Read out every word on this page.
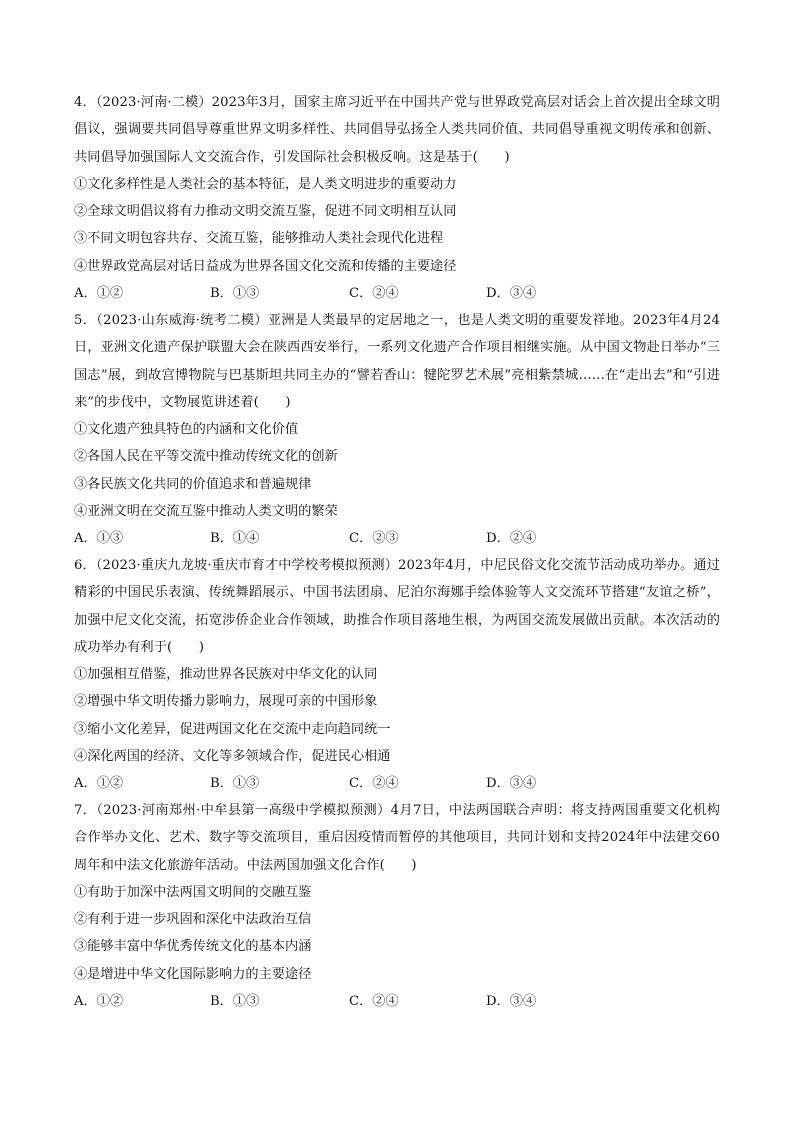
4．（2023·河南·二模）2023年3月，国家主席习近平在中国共产党与世界政党高层对话会上首次提出全球文明倡议，强调要共同倡导尊重世界文明多样性、共同倡导弘扬全人类共同价值、共同倡导重视文明传承和创新、共同倡导加强国际人文交流合作，引发国际社会积极反响。这是基于(　　)

①文化多样性是人类社会的基本特征，是人类文明进步的重要动力

②全球文明倡议将有力推动文明交流互鉴，促进不同文明相互认同

③不同文明包容共存、交流互鉴，能够推动人类社会现代化进程

④世界政党高层对话日益成为世界各国文化交流和传播的主要途径

A．①②	B．①③	C．②④	D．③④

5．（2023·山东威海·统考二模）亚洲是人类最早的定居地之一，也是人类文明的重要发祥地。2023年4月24日，亚洲文化遗产保护联盟大会在陕西西安举行，一系列文化遗产合作项目相继实施。从中国文物赴日举办“三国志”展，到故宫博物院与巴基斯坦共同主办的“譬若香山：犍陀罗艺术展”亮相紫禁城……在“走出去”和“引进来”的步伐中，文物展览讲述着(　　)

①文化遗产独具特色的内涵和文化价值

②各国人民在平等交流中推动传统文化的创新

③各民族文化共同的价值追求和普遍规律

④亚洲文明在交流互鉴中推动人类文明的繁荣

A．①③	B．①④	C．②③	D．②④

6．（2023·重庆九龙坡·重庆市育才中学校考模拟预测）2023年4月，中尼民俗文化交流节活动成功举办。通过精彩的中国民乐表演、传统舞蹈展示、中国书法团扇、尼泊尔海娜手绘体验等人文交流环节搭建“友谊之桥”，加强中尼文化交流，拓宽涉侨企业合作领域，助推合作项目落地生根，为两国交流发展做出贡献。本次活动的成功举办有利于(　　)

①加强相互借鉴，推动世界各民族对中华文化的认同

②增强中华文明传播力影响力，展现可亲的中国形象

③缩小文化差异，促进两国文化在交流中走向趋同统一

④深化两国的经济、文化等多领域合作，促进民心相通

A．①②	B．①③	C．②④	D．③④

7．（2023·河南郑州·中牟县第一高级中学模拟预测）4月7日，中法两国联合声明：将支持两国重要文化机构合作举办文化、艺术、数字等交流项目，重启因疫情而暂停的其他项目，共同计划和支持2024年中法建交60周年和中法文化旅游年活动。中法两国加强文化合作(　　)

①有助于加深中法两国文明间的交融互鉴

②有利于进一步巩固和深化中法政治互信

③能够丰富中华优秀传统文化的基本内涵

④是增进中华文化国际影响力的主要途径

A．①②	B．①③	C．②④	D．③④
